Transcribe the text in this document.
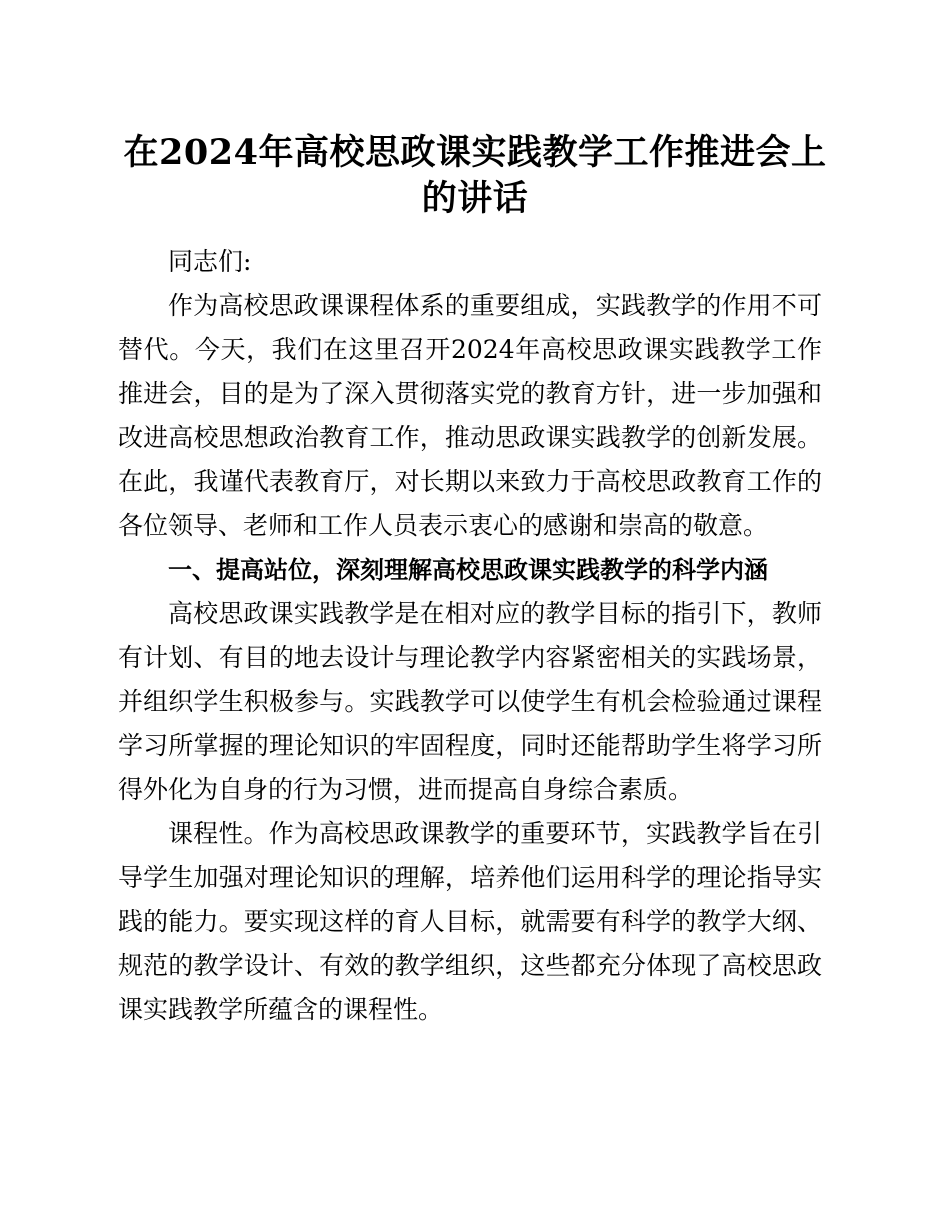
在2024年高校思政课实践教学工作推进会上的讲话

同志们:

作为高校思政课课程体系的重要组成，实践教学的作用不可替代。今天，我们在这里召开2024年高校思政课实践教学工作推进会，目的是为了深入贯彻落实党的教育方针，进一步加强和改进高校思想政治教育工作，推动思政课实践教学的创新发展。在此，我谨代表教育厅，对长期以来致力于高校思政教育工作的各位领导、老师和工作人员表示衷心的感谢和崇高的敬意。

一、提高站位，深刻理解高校思政课实践教学的科学内涵

高校思政课实践教学是在相对应的教学目标的指引下，教师有计划、有目的地去设计与理论教学内容紧密相关的实践场景，并组织学生积极参与。实践教学可以使学生有机会检验通过课程学习所掌握的理论知识的牢固程度，同时还能帮助学生将学习所得外化为自身的行为习惯，进而提高自身综合素质。

课程性。作为高校思政课教学的重要环节，实践教学旨在引导学生加强对理论知识的理解，培养他们运用科学的理论指导实践的能力。要实现这样的育人目标，就需要有科学的教学大纲、规范的教学设计、有效的教学组织，这些都充分体现了高校思政课实践教学所蕴含的课程性。
